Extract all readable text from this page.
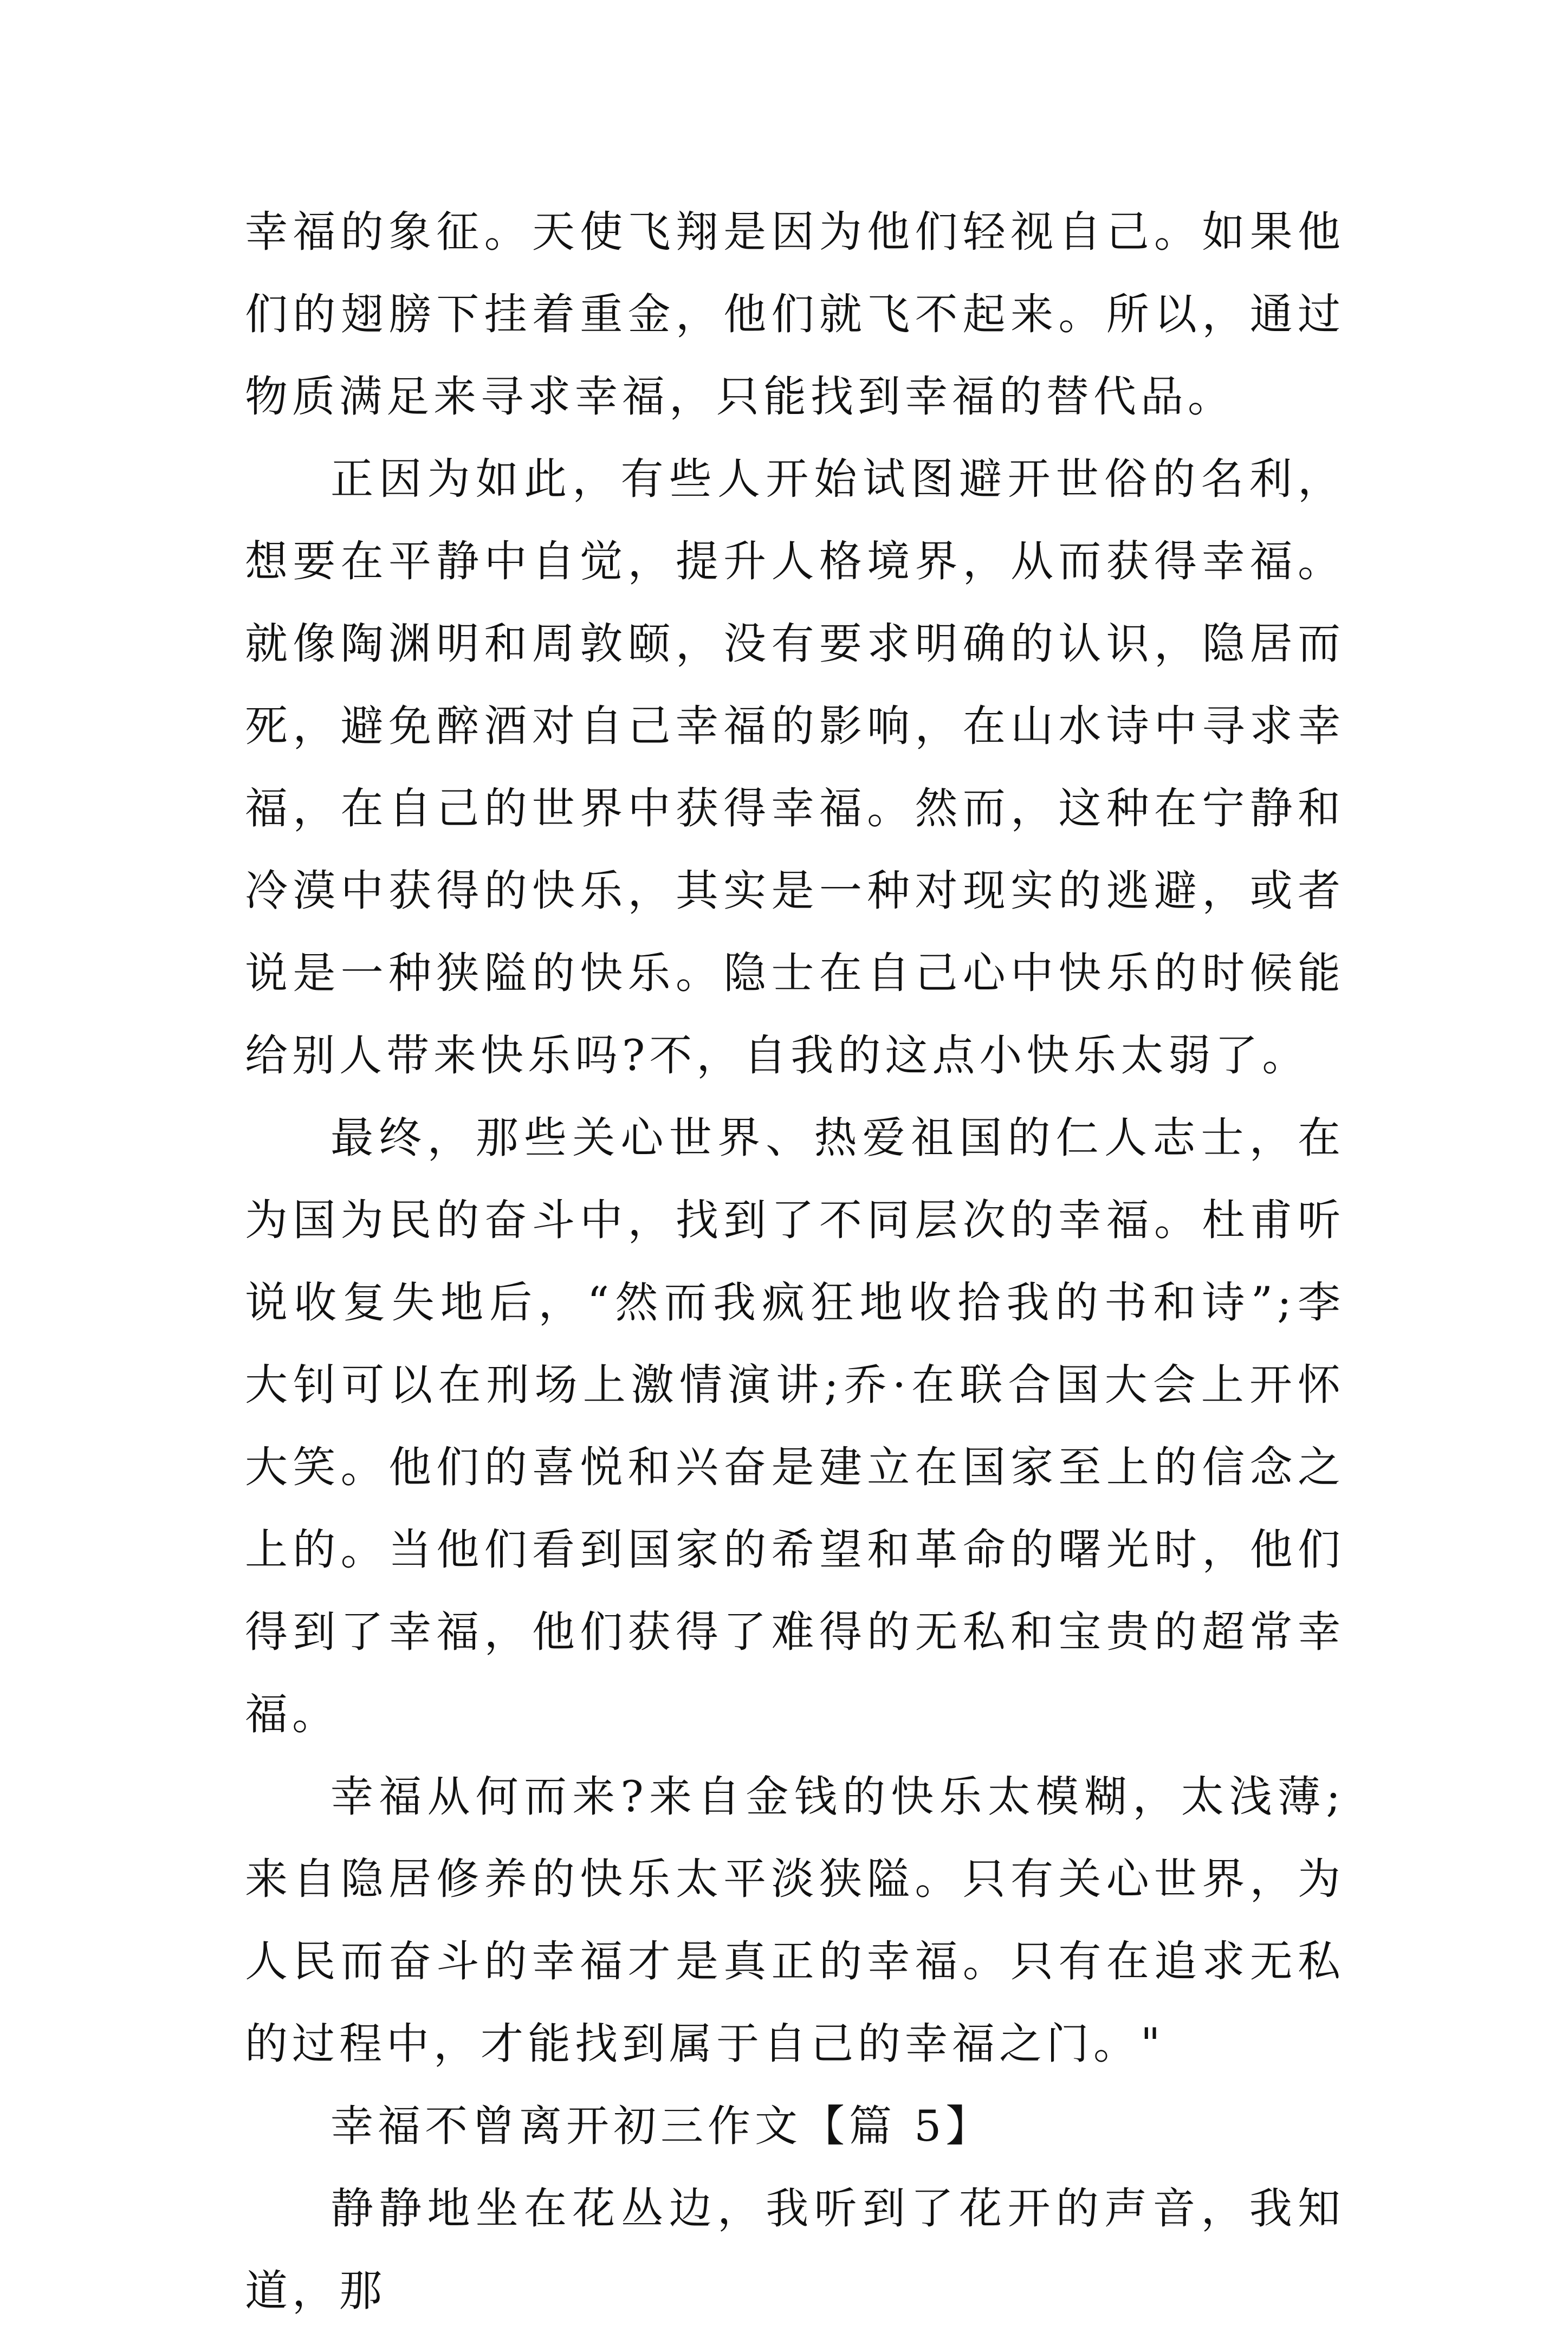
幸福的象征。天使飞翔是因为他们轻视自己。如果他们的翅膀下挂着重金，他们就飞不起来。所以，通过物质满足来寻求幸福，只能找到幸福的替代品。

正因为如此，有些人开始试图避开世俗的名利，想要在平静中自觉，提升人格境界，从而获得幸福。就像陶渊明和周敦颐，没有要求明确的认识，隐居而死，避免醉酒对自己幸福的影响，在山水诗中寻求幸福，在自己的世界中获得幸福。然而，这种在宁静和冷漠中获得的快乐，其实是一种对现实的逃避，或者说是一种狭隘的快乐。隐士在自己心中快乐的时候能给别人带来快乐吗?不，自我的这点小快乐太弱了。

最终，那些关心世界、热爱祖国的仁人志士，在为国为民的奋斗中，找到了不同层次的幸福。杜甫听说收复失地后，“然而我疯狂地收拾我的书和诗”;李大钊可以在刑场上激情演讲;乔·在联合国大会上开怀大笑。他们的喜悦和兴奋是建立在国家至上的信念之上的。当他们看到国家的希望和革命的曙光时，他们得到了幸福，他们获得了难得的无私和宝贵的超常幸福。

幸福从何而来?来自金钱的快乐太模糊，太浅薄;来自隐居修养的快乐太平淡狭隘。只有关心世界，为人民而奋斗的幸福才是真正的幸福。只有在追求无私的过程中，才能找到属于自己的幸福之门。"

幸福不曾离开初三作文【篇 5】

静静地坐在花丛边，我听到了花开的声音，我知道，那
